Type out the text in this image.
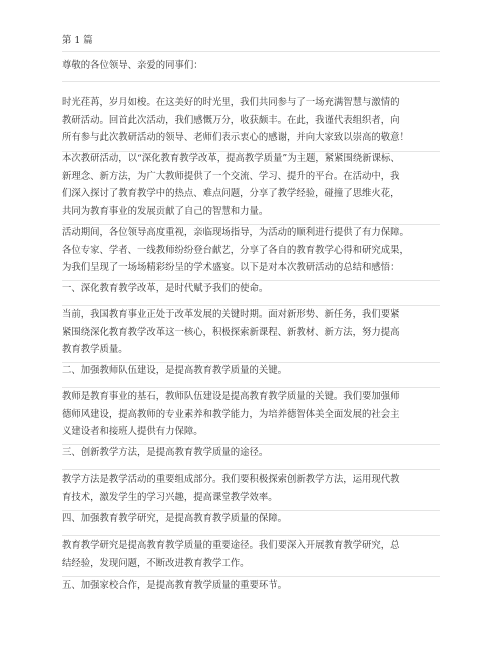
第 1 篇

尊敬的各位领导、亲爱的同事们：

时光荏苒，岁月如梭。在这美好的时光里，我们共同参与了一场充满智慧与激情的
教研活动。回首此次活动，我们感慨万分，收获颇丰。在此，我谨代表组织者，向
所有参与此次教研活动的领导、老师们表示衷心的感谢，并向大家致以崇高的敬意！

本次教研活动，以“深化教育教学改革，提高教学质量”为主题，紧紧围绕新课标、
新理念、新方法，为广大教师提供了一个交流、学习、提升的平台。在活动中，我
们深入探讨了教育教学中的热点、难点问题，分享了教学经验，碰撞了思维火花，
共同为教育事业的发展贡献了自己的智慧和力量。

活动期间，各位领导高度重视，亲临现场指导，为活动的顺利进行提供了有力保障。
各位专家、学者、一线教师纷纷登台献艺，分享了各自的教育教学心得和研究成果，
为我们呈现了一场场精彩纷呈的学术盛宴。以下是对本次教研活动的总结和感悟：

一、深化教育教学改革，是时代赋予我们的使命。

当前，我国教育事业正处于改革发展的关键时期。面对新形势、新任务，我们要紧
紧围绕深化教育教学改革这一核心，积极探索新课程、新教材、新方法，努力提高
教育教学质量。

二、加强教师队伍建设，是提高教育教学质量的关键。

教师是教育事业的基石，教师队伍建设是提高教育教学质量的关键。我们要加强师
德师风建设，提高教师的专业素养和教学能力，为培养德智体美全面发展的社会主
义建设者和接班人提供有力保障。

三、创新教学方法，是提高教育教学质量的途径。

教学方法是教学活动的重要组成部分。我们要积极探索创新教学方法，运用现代教
育技术，激发学生的学习兴趣，提高课堂教学效率。

四、加强教育教学研究，是提高教育教学质量的保障。

教育教学研究是提高教育教学质量的重要途径。我们要深入开展教育教学研究，总
结经验，发现问题，不断改进教育教学工作。

五、加强家校合作，是提高教育教学质量的重要环节。
